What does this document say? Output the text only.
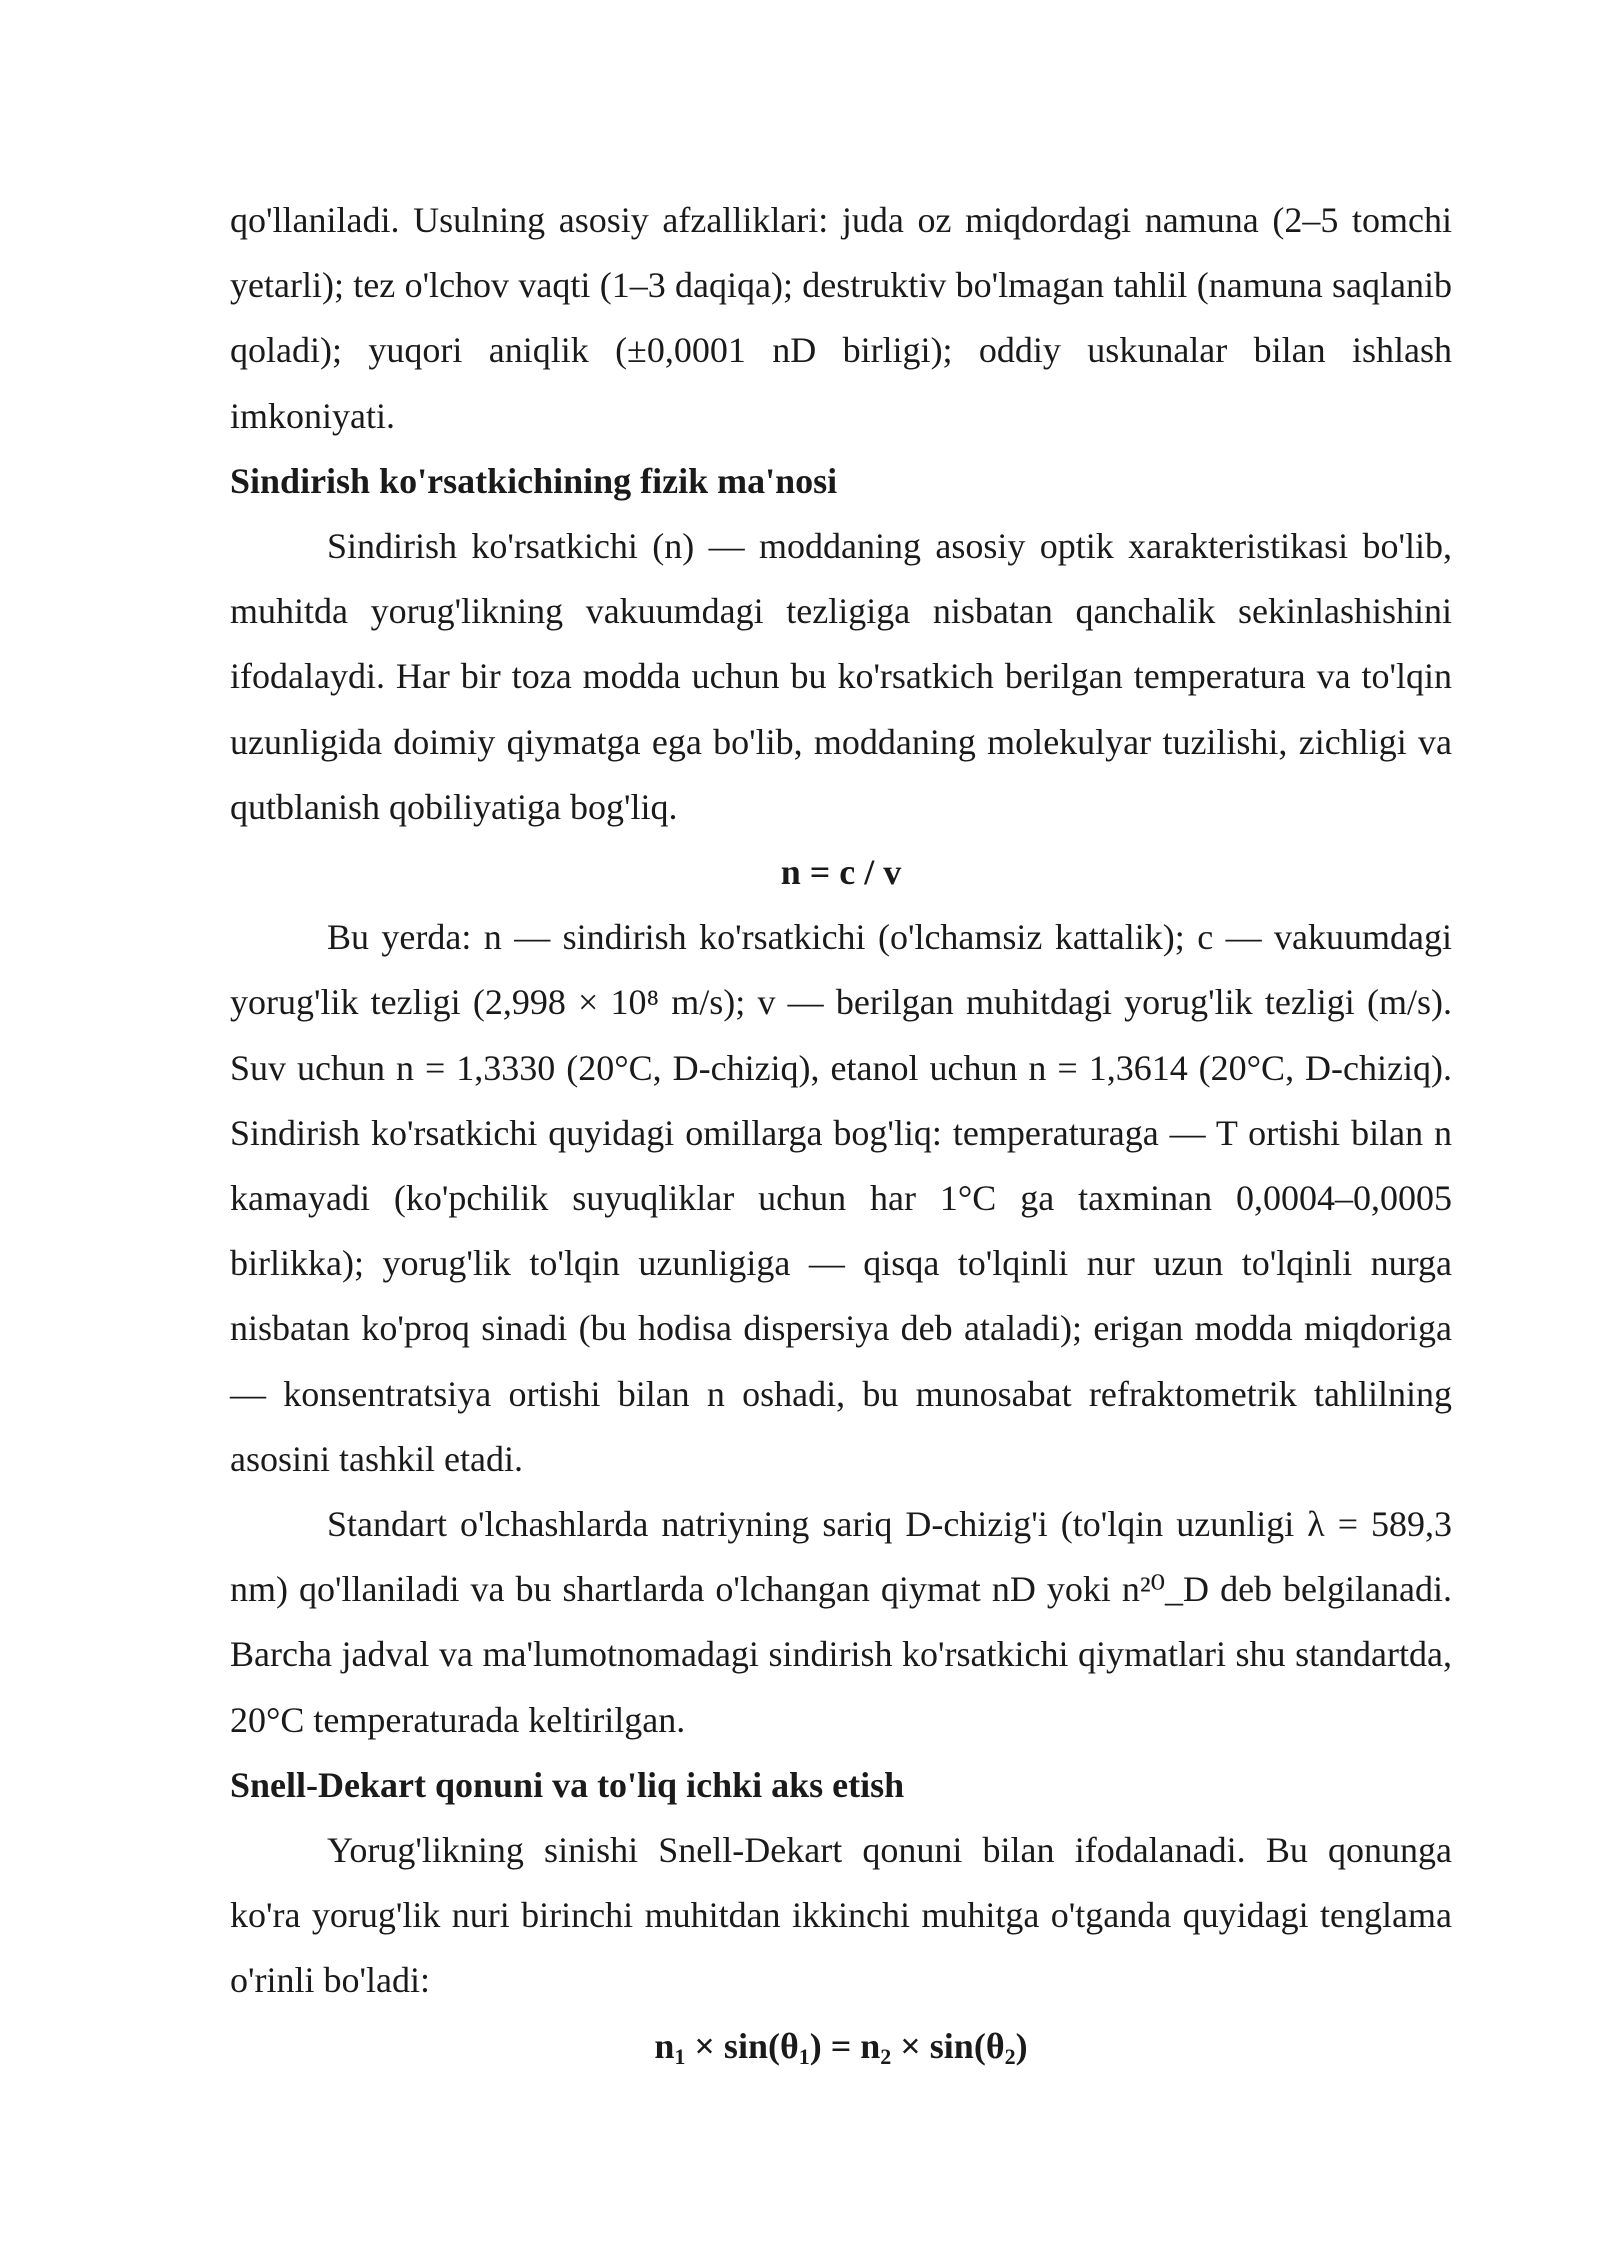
qo'llaniladi. Usulning asosiy afzalliklari: juda oz miqdordagi namuna (2–5 tomchi yetarli); tez o'lchov vaqti (1–3 daqiqa); destruktiv bo'lmagan tahlil (namuna saqlanib qoladi); yuqori aniqlik (±0,0001 nD birligi); oddiy uskunalar bilan ishlash imkoniyati.

Sindirish ko'rsatkichining fizik ma'nosi

Sindirish ko'rsatkichi (n) — moddaning asosiy optik xarakteristikasi bo'lib, muhitda yorug'likning vakuumdagi tezligiga nisbatan qanchalik sekinlashishini ifodalaydi. Har bir toza modda uchun bu ko'rsatkich berilgan temperatura va to'lqin uzunligida doimiy qiymatga ega bo'lib, moddaning molekulyar tuzilishi, zichligi va qutblanish qobiliyatiga bog'liq.

n = c / v

Bu yerda: n — sindirish ko'rsatkichi (o'lchamsiz kattalik); c — vakuumdagi yorug'lik tezligi (2,998 × 10⁸ m/s); v — berilgan muhitdagi yorug'lik tezligi (m/s). Suv uchun n = 1,3330 (20°C, D-chiziq), etanol uchun n = 1,3614 (20°C, D-chiziq). Sindirish ko'rsatkichi quyidagi omillarga bog'liq: temperaturaga — T ortishi bilan n kamayadi (ko'pchilik suyuqliklar uchun har 1°C ga taxminan 0,0004–0,0005 birlikka); yorug'lik to'lqin uzunligiga — qisqa to'lqinli nur uzun to'lqinli nurga nisbatan ko'proq sinadi (bu hodisa dispersiya deb ataladi); erigan modda miqdoriga — konsentratsiya ortishi bilan n oshadi, bu munosabat refraktometrik tahlilning asosini tashkil etadi.

Standart o'lchashlarda natriyning sariq D-chizig'i (to'lqin uzunligi λ = 589,3 nm) qo'llaniladi va bu shartlarda o'lchangan qiymat nD yoki n²⁰_D deb belgilanadi. Barcha jadval va ma'lumotnomadagi sindirish ko'rsatkichi qiymatlari shu standartda, 20°C temperaturada keltirilgan.

Snell-Dekart qonuni va to'liq ichki aks etish

Yorug'likning sinishi Snell-Dekart qonuni bilan ifodalanadi. Bu qonunga ko'ra yorug'lik nuri birinchi muhitdan ikkinchi muhitga o'tganda quyidagi tenglama o'rinli bo'ladi:

$n_1 \times \sin(\theta_1) = n_2 \times \sin(\theta_2)$
